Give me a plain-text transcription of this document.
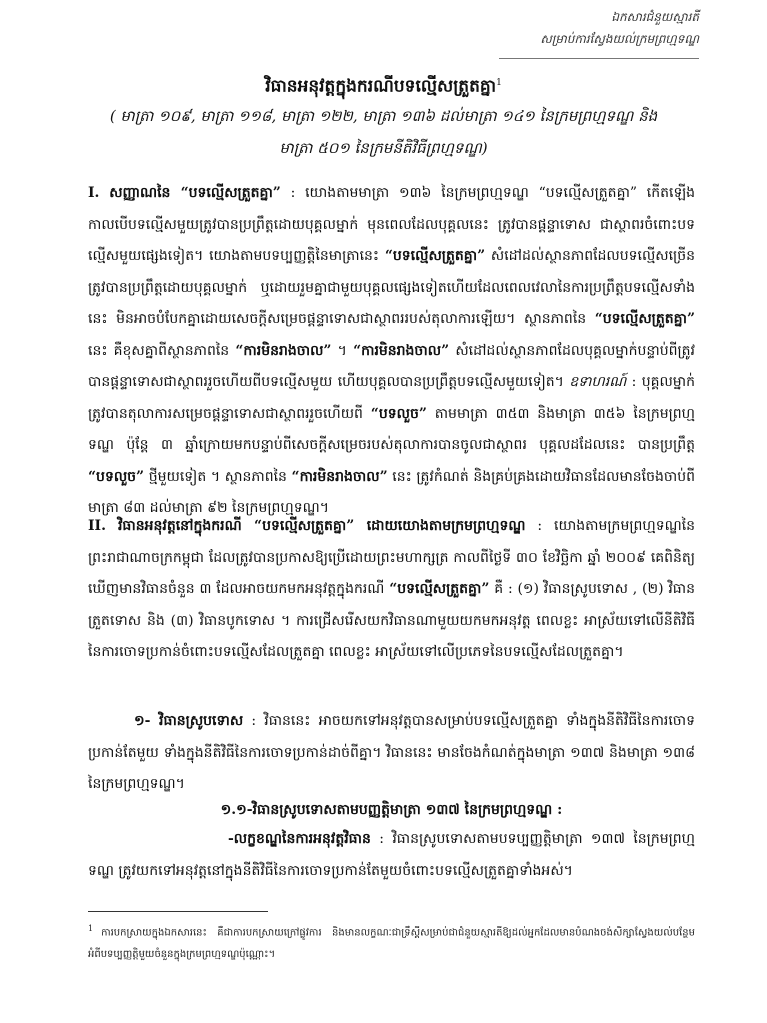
ឯកសារជំនួយស្មារតី
សម្រាប់ការស្វែងយល់ក្រមព្រហ្មទណ្ឌ
វិធានអនុវត្តក្នុងករណីបទល្មើសត្រួតគ្នា$^1$
( មាត្រា ១០៩, មាត្រា ១១៨, មាត្រា ១២២, មាត្រា ១៣៦ ដល់មាត្រា ១៤១ នៃក្រមព្រហ្មទណ្ឌ និង
មាត្រា ៥០១ នៃក្រមនីតិវិធីព្រហ្មទណ្ឌ)
I. សញ្ញាណនៃ “បទល្មើសត្រួតគ្នា” : យោងតាមមាត្រា ១៣៦ នៃក្រមព្រហ្មទណ្ឌ “បទល្មើសត្រួតគ្នា” កើតឡើង កាលបើបទល្មើសមួយត្រូវបានប្រព្រឹត្តដោយបុគ្គលម្នាក់ មុនពេលដែលបុគ្គលនេះ ត្រូវបានផ្ដន្ទាទោស ជាស្ថាពរចំពោះបទល្មើសមួយផ្សេងទៀត។ យោងតាមបទប្បញ្ញត្តិនៃមាត្រានេះ “បទល្មើសត្រួតគ្នា” សំដៅដល់ស្ថានភាពដែលបទល្មើសច្រើនត្រូវបានប្រព្រឹត្តដោយបុគ្គលម្នាក់ ឬដោយរួមគ្នាជាមួយបុគ្គលផ្សេងទៀតហើយដែលពេលវេលានៃការប្រព្រឹត្តបទល្មើសទាំងនេះ មិនអាចបំបែកគ្នាដោយសេចក្ដីសម្រេចផ្ដន្ទាទោសជាស្ថាពររបស់តុលាការឡើយ។ ស្ថានភាពនៃ “បទល្មើសត្រួតគ្នា” នេះ គឺខុសគ្នាពីស្ថានភាពនៃ “ការមិនរាងចាល” ។ “ការមិនរាងចាល” សំដៅដល់ស្ថានភាពដែលបុគ្គលម្នាក់បន្ទាប់ពីត្រូវបានផ្ដន្ទាទោសជាស្ថាពររួចហើយពីបទល្មើសមួយ ហើយបុគ្គលបានប្រព្រឹត្តបទល្មើសមួយទៀត។ ឧទាហរណ៍ : បុគ្គលម្នាក់ត្រូវបានតុលាការសម្រេចផ្ដន្ទាទោសជាស្ថាពររួចហើយពី “បទលួច” តាមមាត្រា ៣៥៣ និងមាត្រា ៣៥៦ នៃក្រមព្រហ្មទណ្ឌ ប៉ុន្តែ ៣ ឆ្នាំក្រោយមកបន្ទាប់ពីសេចក្ដីសម្រេចរបស់តុលាការបានចូលជាស្ថាពរ បុគ្គលដដែលនេះ បានប្រព្រឹត្ត “បទលួច” ថ្មីមួយទៀត ។ ស្ថានភាពនៃ “ការមិនរាងចាល” នេះ ត្រូវកំណត់ និងគ្រប់គ្រងដោយវិធានដែលមានចែងចាប់ពីមាត្រា ៨៣ ដល់មាត្រា ៩២ នៃក្រមព្រហ្មទណ្ឌ។
II. វិធានអនុវត្តនៅក្នុងករណី “បទល្មើសត្រួតគ្នា” ដោយយោងតាមក្រមព្រហ្មទណ្ឌ : យោងតាមក្រមព្រហ្មទណ្ឌនៃព្រះរាជាណាចក្រកម្ពុជា ដែលត្រូវបានប្រកាសឱ្យប្រើដោយព្រះមហាក្សត្រ កាលពីថ្ងៃទី ៣០ ខែវិច្ឆិកា ឆ្នាំ ២០០៩ គេពិនិត្យឃើញមានវិធានចំនួន ៣ ដែលអាចយកមកអនុវត្តក្នុងករណី “បទល្មើសត្រួតគ្នា” គឺ : (១) វិធានស្រូបទោស , (២) វិធានត្រួតទោស និង (៣) វិធានបូកទោស ។ ការជ្រើសរើសយកវិធានណាមួយយកមកអនុវត្ត ពេលខ្លះ អាស្រ័យទៅលើនីតិវិធីនៃការចោទប្រកាន់ចំពោះបទល្មើសដែលត្រួតគ្នា ពេលខ្លះ អាស្រ័យទៅលើប្រភេទនៃបទល្មើសដែលត្រួតគ្នា។
១- វិធានស្រូបទោស : វិធាននេះ អាចយកទៅអនុវត្តបានសម្រាប់បទល្មើសត្រួតគ្នា ទាំងក្នុងនីតិវិធីនៃការចោទប្រកាន់តែមួយ ទាំងក្នុងនីតិវិធីនៃការចោទប្រកាន់ដាច់ពីគ្នា។ វិធាននេះ មានចែងកំណត់ក្នុងមាត្រា ១៣៧ និងមាត្រា ១៣៨ នៃក្រមព្រហ្មទណ្ឌ។
១.១-វិធានស្រូបទោសតាមបញ្ញត្តិមាត្រា ១៣៧ នៃក្រមព្រហ្មទណ្ឌ :
-លក្ខខណ្ឌនៃការអនុវត្តវិធាន : វិធានស្រូបទោសតាមបទប្បញ្ញត្តិមាត្រា ១៣៧ នៃក្រមព្រហ្មទណ្ឌ ត្រូវយកទៅអនុវត្តនៅក្នុងនីតិវិធីនៃការចោទប្រកាន់តែមួយចំពោះបទល្មើសត្រួតគ្នាទាំងអស់។
$^1$ ការបកស្រាយក្នុងឯកសារនេះ គឺជាការបកស្រាយក្រៅផ្លូវការ និងមានលក្ខណៈជាទ្រឹស្ដីសម្រាប់ជាជំនួយស្មារតីឱ្យដល់អ្នកដែលមានបំណងចង់សិក្សាស្វែងយល់បន្ថែមអំពីបទប្បញ្ញត្តិមួយចំនួនក្នុងក្រមព្រហ្មទណ្ឌប៉ុណ្ណោះ។
